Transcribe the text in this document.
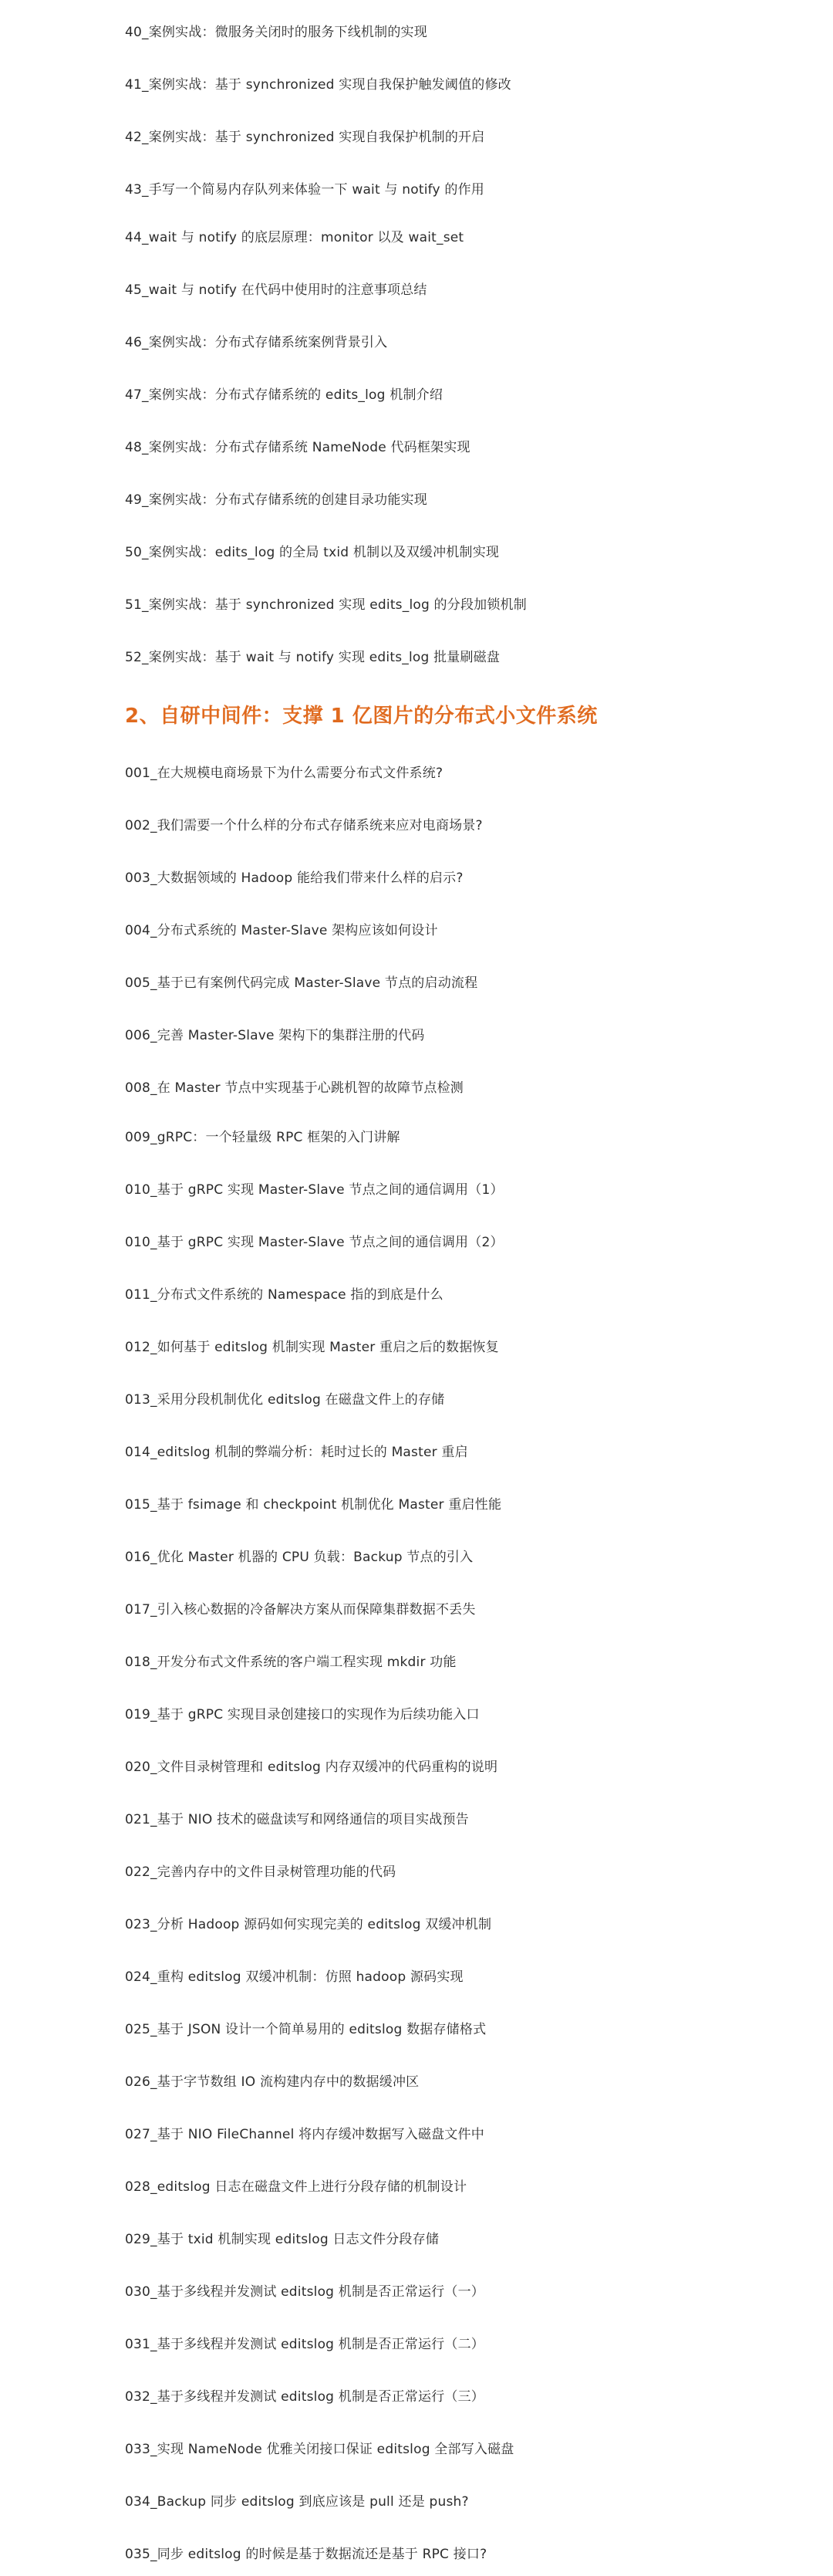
40_案例实战：微服务关闭时的服务下线机制的实现
41_案例实战：基于 synchronized 实现自我保护触发阈值的修改
42_案例实战：基于 synchronized 实现自我保护机制的开启
43_手写一个简易内存队列来体验一下 wait 与 notify 的作用
44_wait 与 notify 的底层原理：monitor 以及 wait_set
45_wait 与 notify 在代码中使用时的注意事项总结
46_案例实战：分布式存储系统案例背景引入
47_案例实战：分布式存储系统的 edits_log 机制介绍
48_案例实战：分布式存储系统 NameNode 代码框架实现
49_案例实战：分布式存储系统的创建目录功能实现
50_案例实战：edits_log 的全局 txid 机制以及双缓冲机制实现
51_案例实战：基于 synchronized 实现 edits_log 的分段加锁机制
52_案例实战：基于 wait 与 notify 实现 edits_log 批量刷磁盘
2、自研中间件：支撑 1 亿图片的分布式小文件系统
001_在大规模电商场景下为什么需要分布式文件系统?
002_我们需要一个什么样的分布式存储系统来应对电商场景?
003_大数据领域的 Hadoop 能给我们带来什么样的启示?
004_分布式系统的 Master-Slave 架构应该如何设计
005_基于已有案例代码完成 Master-Slave 节点的启动流程
006_完善 Master-Slave 架构下的集群注册的代码
008_在 Master 节点中实现基于心跳机智的故障节点检测
009_gRPC：一个轻量级 RPC 框架的入门讲解
010_基于 gRPC 实现 Master-Slave 节点之间的通信调用（1）
010_基于 gRPC 实现 Master-Slave 节点之间的通信调用（2）
011_分布式文件系统的 Namespace 指的到底是什么
012_如何基于 editslog 机制实现 Master 重启之后的数据恢复
013_采用分段机制优化 editslog 在磁盘文件上的存储
014_editslog 机制的弊端分析：耗时过长的 Master 重启
015_基于 fsimage 和 checkpoint 机制优化 Master 重启性能
016_优化 Master 机器的 CPU 负载：Backup 节点的引入
017_引入核心数据的冷备解决方案从而保障集群数据不丢失
018_开发分布式文件系统的客户端工程实现 mkdir 功能
019_基于 gRPC 实现目录创建接口的实现作为后续功能入口
020_文件目录树管理和 editslog 内存双缓冲的代码重构的说明
021_基于 NIO 技术的磁盘读写和网络通信的项目实战预告
022_完善内存中的文件目录树管理功能的代码
023_分析 Hadoop 源码如何实现完美的 editslog 双缓冲机制
024_重构 editslog 双缓冲机制：仿照 hadoop 源码实现
025_基于 JSON 设计一个简单易用的 editslog 数据存储格式
026_基于字节数组 IO 流构建内存中的数据缓冲区
027_基于 NIO FileChannel 将内存缓冲数据写入磁盘文件中
028_editslog 日志在磁盘文件上进行分段存储的机制设计
029_基于 txid 机制实现 editslog 日志文件分段存储
030_基于多线程并发测试 editslog 机制是否正常运行（一）
031_基于多线程并发测试 editslog 机制是否正常运行（二）
032_基于多线程并发测试 editslog 机制是否正常运行（三）
033_实现 NameNode 优雅关闭接口保证 editslog 全部写入磁盘
034_Backup 同步 editslog 到底应该是 pull 还是 push?
035_同步 editslog 的时候是基于数据流还是基于 RPC 接口?
